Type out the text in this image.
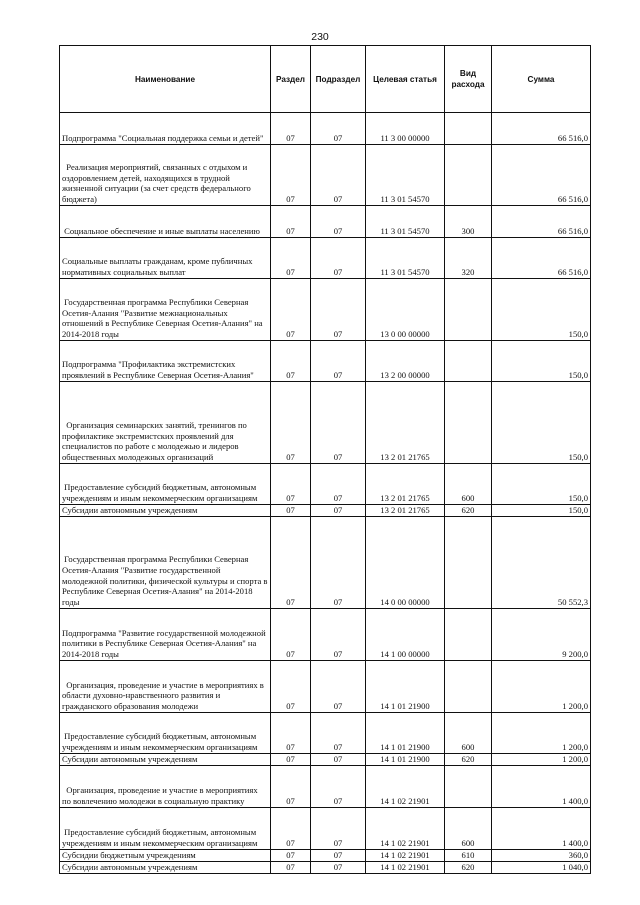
230
Наименование	Раздел	Подраздел	Целевая статья	Вид расхода	Сумма
Подпрограмма "Социальная поддержка семьи и детей"	07	07	11 3 00 00000		66 516,0
Реализация мероприятий, связанных с отдыхом и оздоровлением детей, находящихся в трудной жизненной ситуации (за счет средств федерального бюджета)	07	07	11 3 01 54570		66 516,0
Социальное обеспечение и иные выплаты населению	07	07	11 3 01 54570	300	66 516,0
Социальные выплаты гражданам, кроме публичных нормативных социальных выплат	07	07	11 3 01 54570	320	66 516,0
Государственная программа Республики Северная Осетия-Алания "Развитие межнациональных отношений в Республике Северная Осетия-Алания" на 2014-2018 годы	07	07	13 0 00 00000		150,0
Подпрограмма "Профилактика экстремистских проявлений в Республике Северная Осетия-Алания"	07	07	13 2 00 00000		150,0
Организация семинарских занятий, тренингов по профилактике экстремистских проявлений для специалистов по работе с молодежью и лидеров общественных молодежных организаций	07	07	13 2 01 21765		150,0
Предоставление субсидий бюджетным, автономным учреждениям и иным некоммерческим организациям	07	07	13 2 01 21765	600	150,0
Субсидии автономным учреждениям	07	07	13 2 01 21765	620	150,0
Государственная программа Республики Северная Осетия-Алания "Развитие государственной молодежной политики, физической культуры и спорта в Республике Северная Осетия-Алания" на 2014-2018 годы	07	07	14 0 00 00000		50 552,3
Подпрограмма "Развитие государственной молодежной политики в Республике Северная Осетия-Алания" на 2014-2018 годы	07	07	14 1 00 00000		9 200,0
Организация, проведение и участие в мероприятиях в области духовно-нравственного развития и гражданского образования молодежи	07	07	14 1 01 21900		1 200,0
Предоставление субсидий бюджетным, автономным учреждениям и иным некоммерческим организациям	07	07	14 1 01 21900	600	1 200,0
Субсидии автономным учреждениям	07	07	14 1 01 21900	620	1 200,0
Организация, проведение и участие в мероприятиях по вовлечению молодежи в социальную практику	07	07	14 1 02 21901		1 400,0
Предоставление субсидий бюджетным, автономным учреждениям и иным некоммерческим организациям	07	07	14 1 02 21901	600	1 400,0
Субсидии бюджетным учреждениям	07	07	14 1 02 21901	610	360,0
Субсидии автономным учреждениям	07	07	14 1 02 21901	620	1 040,0
